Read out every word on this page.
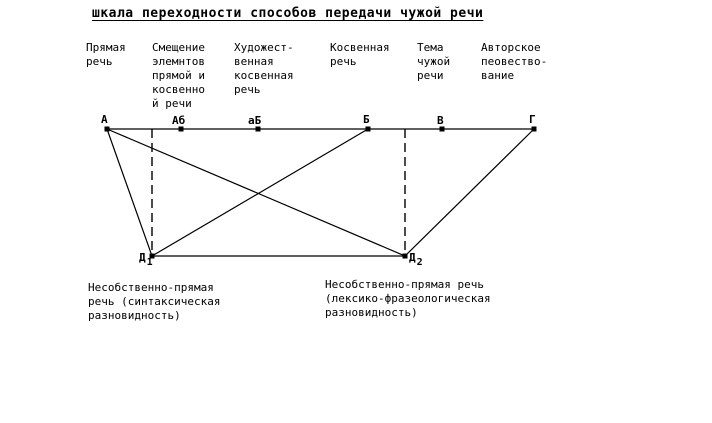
шкала переходности способов передачи чужой речи
Прямая
речь
Смещение
элемнтов
прямой и
косвенно
й речи
Художест-
венная
косвенная
речь
Косвенная
речь
Тема
чужой
речи
Авторское
пеовество-
вание
А	Аб	аБ	Б	В	Г
Д1	Д2
Несобственно-прямая
речь (синтаксическая
разновидность)
Несобственно-прямая речь
(лексико-фразеологическая
разновидность)
